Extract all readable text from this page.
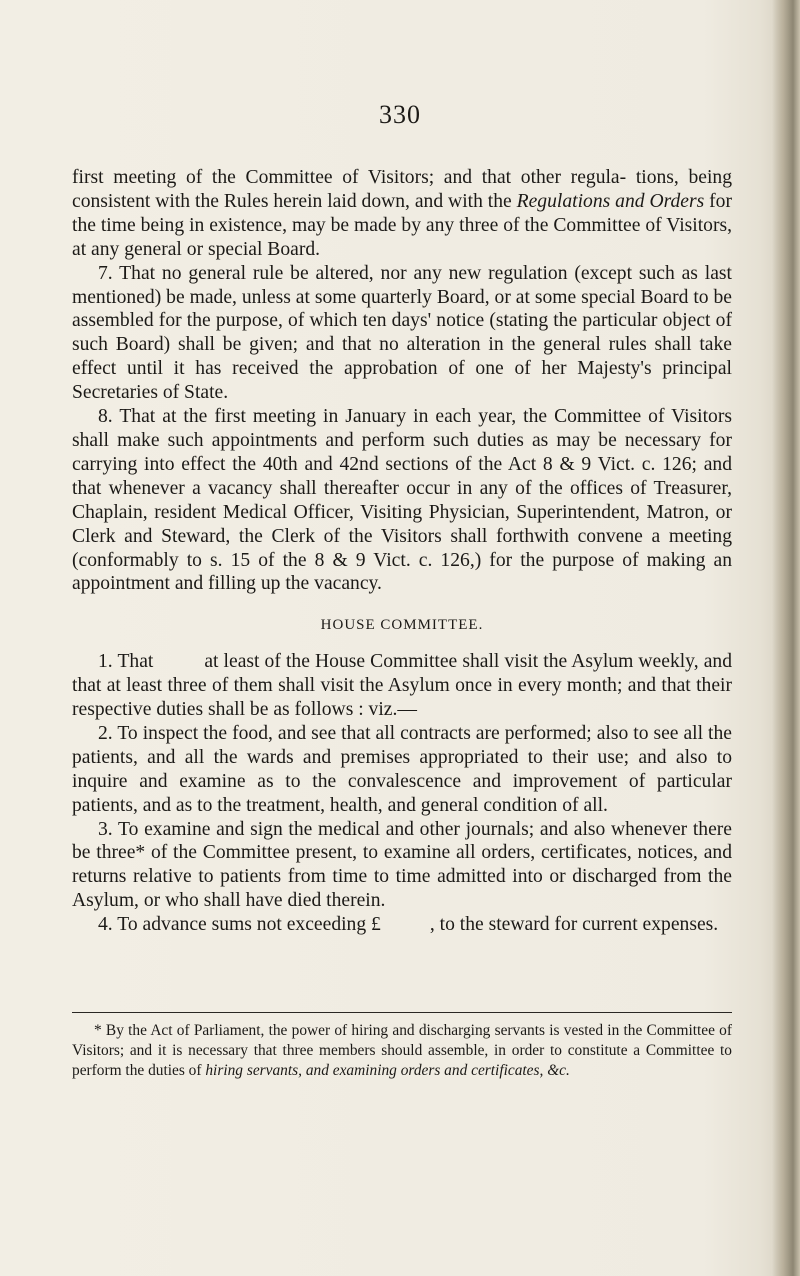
330

first meeting of the Committee of Visitors; and that other regula- tions, being consistent with the Rules herein laid down, and with the Regulations and Orders for the time being in existence, may be made by any three of the Committee of Visitors, at any general or special Board.

7. That no general rule be altered, nor any new regulation (except such as last mentioned) be made, unless at some quarterly Board, or at some special Board to be assembled for the purpose, of which ten days' notice (stating the particular object of such Board) shall be given; and that no alteration in the general rules shall take effect until it has received the approbation of one of her Majesty's principal Secretaries of State.

8. That at the first meeting in January in each year, the Committee of Visitors shall make such appointments and perform such duties as may be necessary for carrying into effect the 40th and 42nd sections of the Act 8 & 9 Vict. c. 126; and that whenever a vacancy shall thereafter occur in any of the offices of Treasurer, Chaplain, resident Medical Officer, Visiting Physician, Superintendent, Matron, or Clerk and Steward, the Clerk of the Visitors shall forthwith convene a meeting (conformably to s. 15 of the 8 & 9 Vict. c. 126,) for the purpose of making an appointment and filling up the vacancy.

HOUSE COMMITTEE.

1. That          at least of the House Committee shall visit the Asylum weekly, and that at least three of them shall visit the Asylum once in every month; and that their respective duties shall be as follows : viz.—

2. To inspect the food, and see that all contracts are performed; also to see all the patients, and all the wards and premises appropriated to their use; and also to inquire and examine as to the convalescence and improvement of particular patients, and as to the treatment, health, and general condition of all.

3. To examine and sign the medical and other journals; and also whenever there be three* of the Committee present, to examine all orders, certificates, notices, and returns relative to patients from time to time admitted into or discharged from the Asylum, or who shall have died therein.

4. To advance sums not exceeding £          , to the steward for current expenses.

* By the Act of Parliament, the power of hiring and discharging servants is vested in the Committee of Visitors; and it is necessary that three members should assemble, in order to constitute a Committee to perform the duties of hiring servants, and examining orders and certificates, &c.
